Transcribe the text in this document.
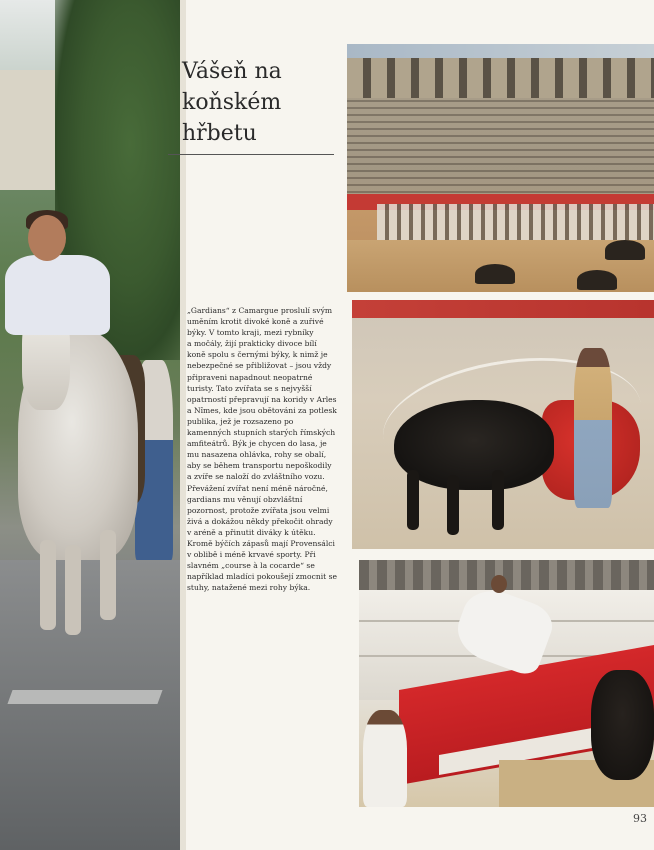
Vášeň na
koňském
hřbetu

„Gardians“ z Camargue proslulí svým
uměním krotit divoké koně a zuřivé
býky. V tomto kraji, mezi rybníky
a močály, žijí prakticky divoce bílí
koně spolu s černými býky, k nimž je
nebezpečné se přibližovat – jsou vždy
připraveni napadnout neopatrné
turisty. Tato zvířata se s nejvyšší
opatrností přepravují na koridy v Arles
a Nîmes, kde jsou obětováni za potlesk
publika, jež je rozsazeno po
kamenných stupních starých římských
amfiteátrů. Býk je chycen do lasa, je
mu nasazena ohlávka, rohy se obalí,
aby se během transportu nepoškodily
a zvíře se naloží do zvláštního vozu.
Převážení zvířat není méně náročné,
gardians mu věnují obzvláštní
pozornost, protože zvířata jsou velmi
živá a dokážou někdy překočit ohrady
v aréně a přinutit diváky k útěku.
Kromě býčích zápasů mají Provensálci
v oblibě i méně krvavé sporty. Při
slavném „course à la cocarde“ se
například mladíci pokoušejí zmocnit se
stuhy, natažené mezi rohy býka.

93
